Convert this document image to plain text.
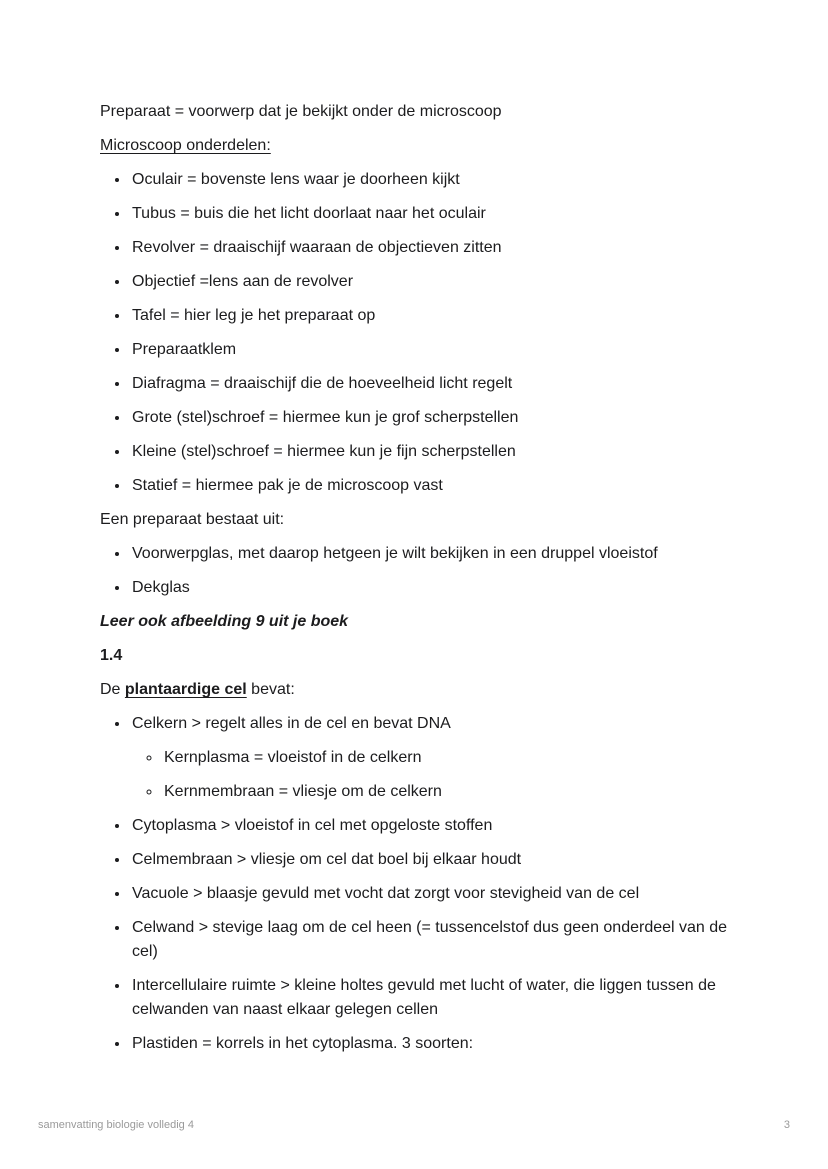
Preparaat = voorwerp dat je bekijkt onder de microscoop

Microscoop onderdelen:

• Oculair = bovenste lens waar je doorheen kijkt
• Tubus = buis die het licht doorlaat naar het oculair
• Revolver = draaischijf waaraan de objectieven zitten
• Objectief =lens aan de revolver
• Tafel = hier leg je het preparaat op
• Preparaatklem
• Diafragma = draaischijf die de hoeveelheid licht regelt
• Grote (stel)schroef = hiermee kun je grof scherpstellen
• Kleine (stel)schroef = hiermee kun je fijn scherpstellen
• Statief = hiermee pak je de microscoop vast

Een preparaat bestaat uit:

• Voorwerpglas, met daarop hetgeen je wilt bekijken in een druppel vloeistof
• Dekglas

Leer ook afbeelding 9 uit je boek

1.4

De plantaardige cel bevat:

• Celkern > regelt alles in de cel en bevat DNA
◦ Kernplasma = vloeistof in de celkern
◦ Kernmembraan = vliesje om de celkern
• Cytoplasma > vloeistof in cel met opgeloste stoffen
• Celmembraan > vliesje om cel dat boel bij elkaar houdt
• Vacuole > blaasje gevuld met vocht dat zorgt voor stevigheid van de cel
• Celwand > stevige laag om de cel heen (= tussencelstof dus geen onderdeel van de cel)
• Intercellulaire ruimte > kleine holtes gevuld met lucht of water, die liggen tussen de celwanden van naast elkaar gelegen cellen
• Plastiden = korrels in het cytoplasma. 3 soorten:
samenvatting biologie volledig 4	3
